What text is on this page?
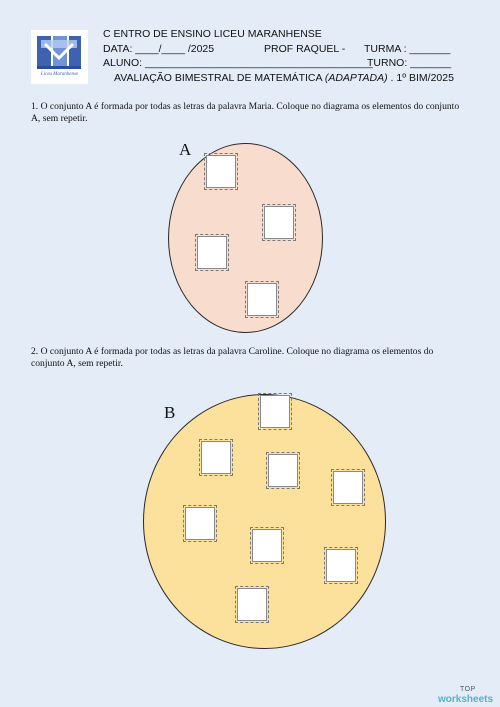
Liceu Maranhense
C ENTRO DE ENSINO LICEU MARANHENSE
DATA: ____/____ /2025	PROF RAQUEL - TURMA : _______
ALUNO: _______________________________________
TURNO: _______
AVALIAÇÃO BIMESTRAL DE MATEMÁTICA (ADAPTADA) . 1º BIM/2025
1. O conjunto A é formada por todas as letras da palavra Maria. Coloque no diagrama os elementos do conjunto A, sem repetir.
A
2. O conjunto A é formada por todas as letras da palavra Caroline. Coloque no diagrama os elementos do conjunto A, sem repetir.
B
TOP
worksheets
